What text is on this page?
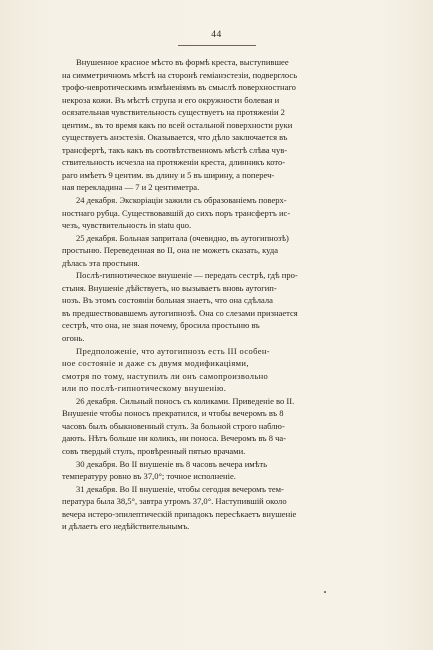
44

Внушенное красное мѣсто въ формѣ креста, выступившее
на симметричномъ мѣстѣ на сторонѣ геміанэстезіи, подверглось
трофо-невротическимъ измѣненіямъ въ смыслѣ поверхностнаго
некроза кожи. Въ мѣстѣ струпа и его окружности болевая и
осязательная чувствительность существуетъ на протяженіи 2
центим., въ то время какъ по всей остальной поверхности руки
существуетъ анэстезія. Оказывается, что дѣло заключается въ
трансфертѣ, такъ какъ въ соотвѣтственномъ мѣстѣ слѣва чув-
ствительность исчезла на протяженіи креста, длинникъ кото-
раго имѣетъ 9 центим. въ длину и 5 въ ширину, а попереч-
ная перекладина — 7 и 2 центиметра.

24 декабря. Экскоріаціи зажили съ образованіемъ поверх-
ностнаго рубца. Существовавшій до сихъ поръ трансфертъ ис-
чезъ, чувствительность in statu quo.

25 декабря. Больная запритала (очевидно, въ аутогипнозѣ)
простыню. Переведенная во II, она не можетъ сказать, куда
дѣлась эта простыня.

Послѣ-гипнотическое внушеніе — передать сестрѣ, гдѣ про-
стыня. Внушеніе дѣйствуетъ, но вызываетъ вновь аутогип-
нозъ. Въ этомъ состояніи больная знаетъ, что она сдѣлала
въ предшествовавшемъ аутогипнозѣ. Она со слезами признается
сестрѣ, что она, не зная почему, бросила простыню въ
огонь.

Предположеніе, что аутогипнозъ есть III особен-
ное состояніе и даже съ двумя модификаціями,
смотря по тому, наступилъ ли онъ самопроизвольно
или по послѣ-гипнотическому внушенію.

26 декабря. Сильный поносъ съ коликами. Приведеніе во II.
Внушеніе чтобы поносъ прекратился, и чтобы вечеромъ въ 8
часовъ былъ обыкновенный стулъ. За больной строго наблю-
дають. Нѣтъ больше ни коликъ, ни поноса. Вечеромъ въ 8 ча-
совъ твердый стулъ, провѣренный пятью врачами.

30 декабря. Во II внушеніе въ 8 часовъ вечера имѣть
температуру ровно въ 37,0°; точное исполненіе.

31 декабря. Во II внушеніе, чтобы сегодня вечеромъ тем-
пература была 38,5°, завтра утромъ 37,0°. Наступившій около
вечера истеро-эпилептическій припадокъ пересѣкаетъ внушеніе
и дѣлаетъ его недѣйствительнымъ.
